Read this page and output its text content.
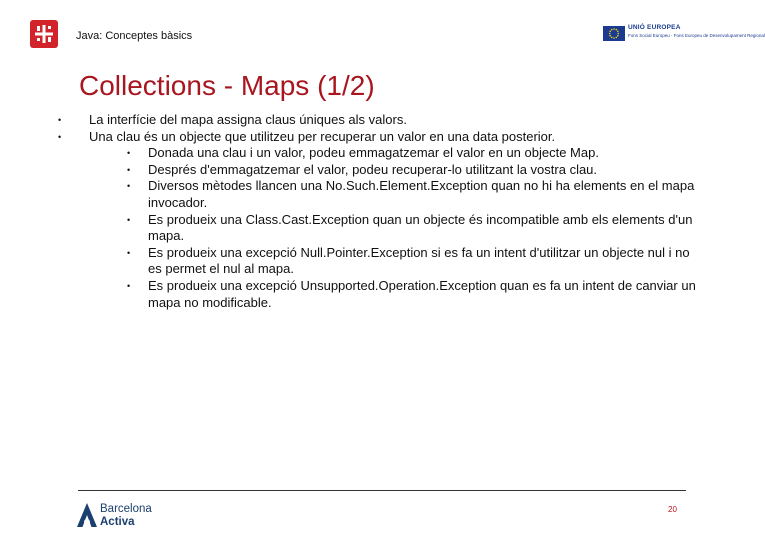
Java: Conceptes bàsics
UNIÓ EUROPEA
Fons Social Europeu · Fons Europeu de Desenvolupament Regional
Collections - Maps (1/2)
• La interfície del mapa assigna claus úniques als valors.
• Una clau és un objecte que utilitzeu per recuperar un valor en una data posterior.
• Donada una clau i un valor, podeu emmagatzemar el valor en un objecte Map.
• Després d'emmagatzemar el valor, podeu recuperar-lo utilitzant la vostra clau.
• Diversos mètodes llancen una No.Such.Element.Exception quan no hi ha elements en el mapa invocador.
• Es produeix una Class.Cast.Exception quan un objecte és incompatible amb els elements d'un mapa.
• Es produeix una excepció Null.Pointer.Exception si es fa un intent d'utilitzar un objecte nul i no es permet el nul al mapa.
• Es produeix una excepció Unsupported.Operation.Exception quan es fa un intent de canviar un mapa no modificable.
Barcelona
Activa
20
